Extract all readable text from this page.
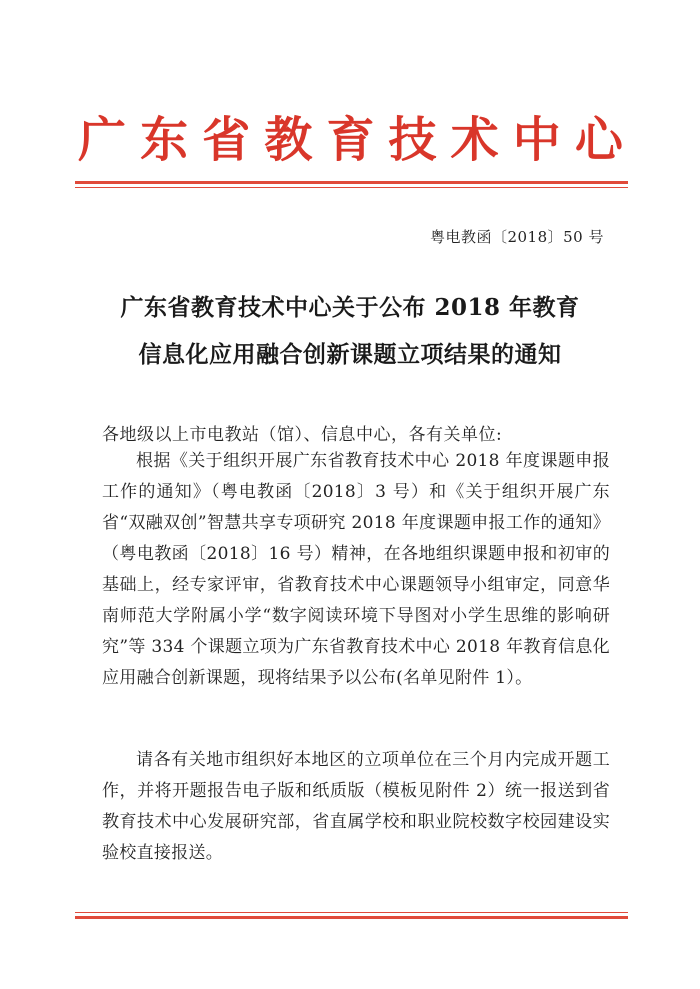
广 东 省 教 育 技 术 中 心
粤电教函〔2018〕50 号
广东省教育技术中心关于公布 2018 年教育
信息化应用融合创新课题立项结果的通知
各地级以上市电教站（馆）、信息中心，各有关单位:
根据《关于组织开展广东省教育技术中心 2018 年度课题申报工作的通知》（粤电教函〔2018〕3 号）和《关于组织开展广东省“双融双创”智慧共享专项研究 2018 年度课题申报工作的通知》（粤电教函〔2018〕16 号）精神，在各地组织课题申报和初审的基础上，经专家评审，省教育技术中心课题领导小组审定，同意华南师范大学附属小学“数字阅读环境下导图对小学生思维的影响研究”等 334 个课题立项为广东省教育技术中心 2018 年教育信息化应用融合创新课题，现将结果予以公布(名单见附件 1）。
请各有关地市组织好本地区的立项单位在三个月内完成开题工作，并将开题报告电子版和纸质版（模板见附件 2）统一报送到省教育技术中心发展研究部，省直属学校和职业院校数字校园建设实验校直接报送。
